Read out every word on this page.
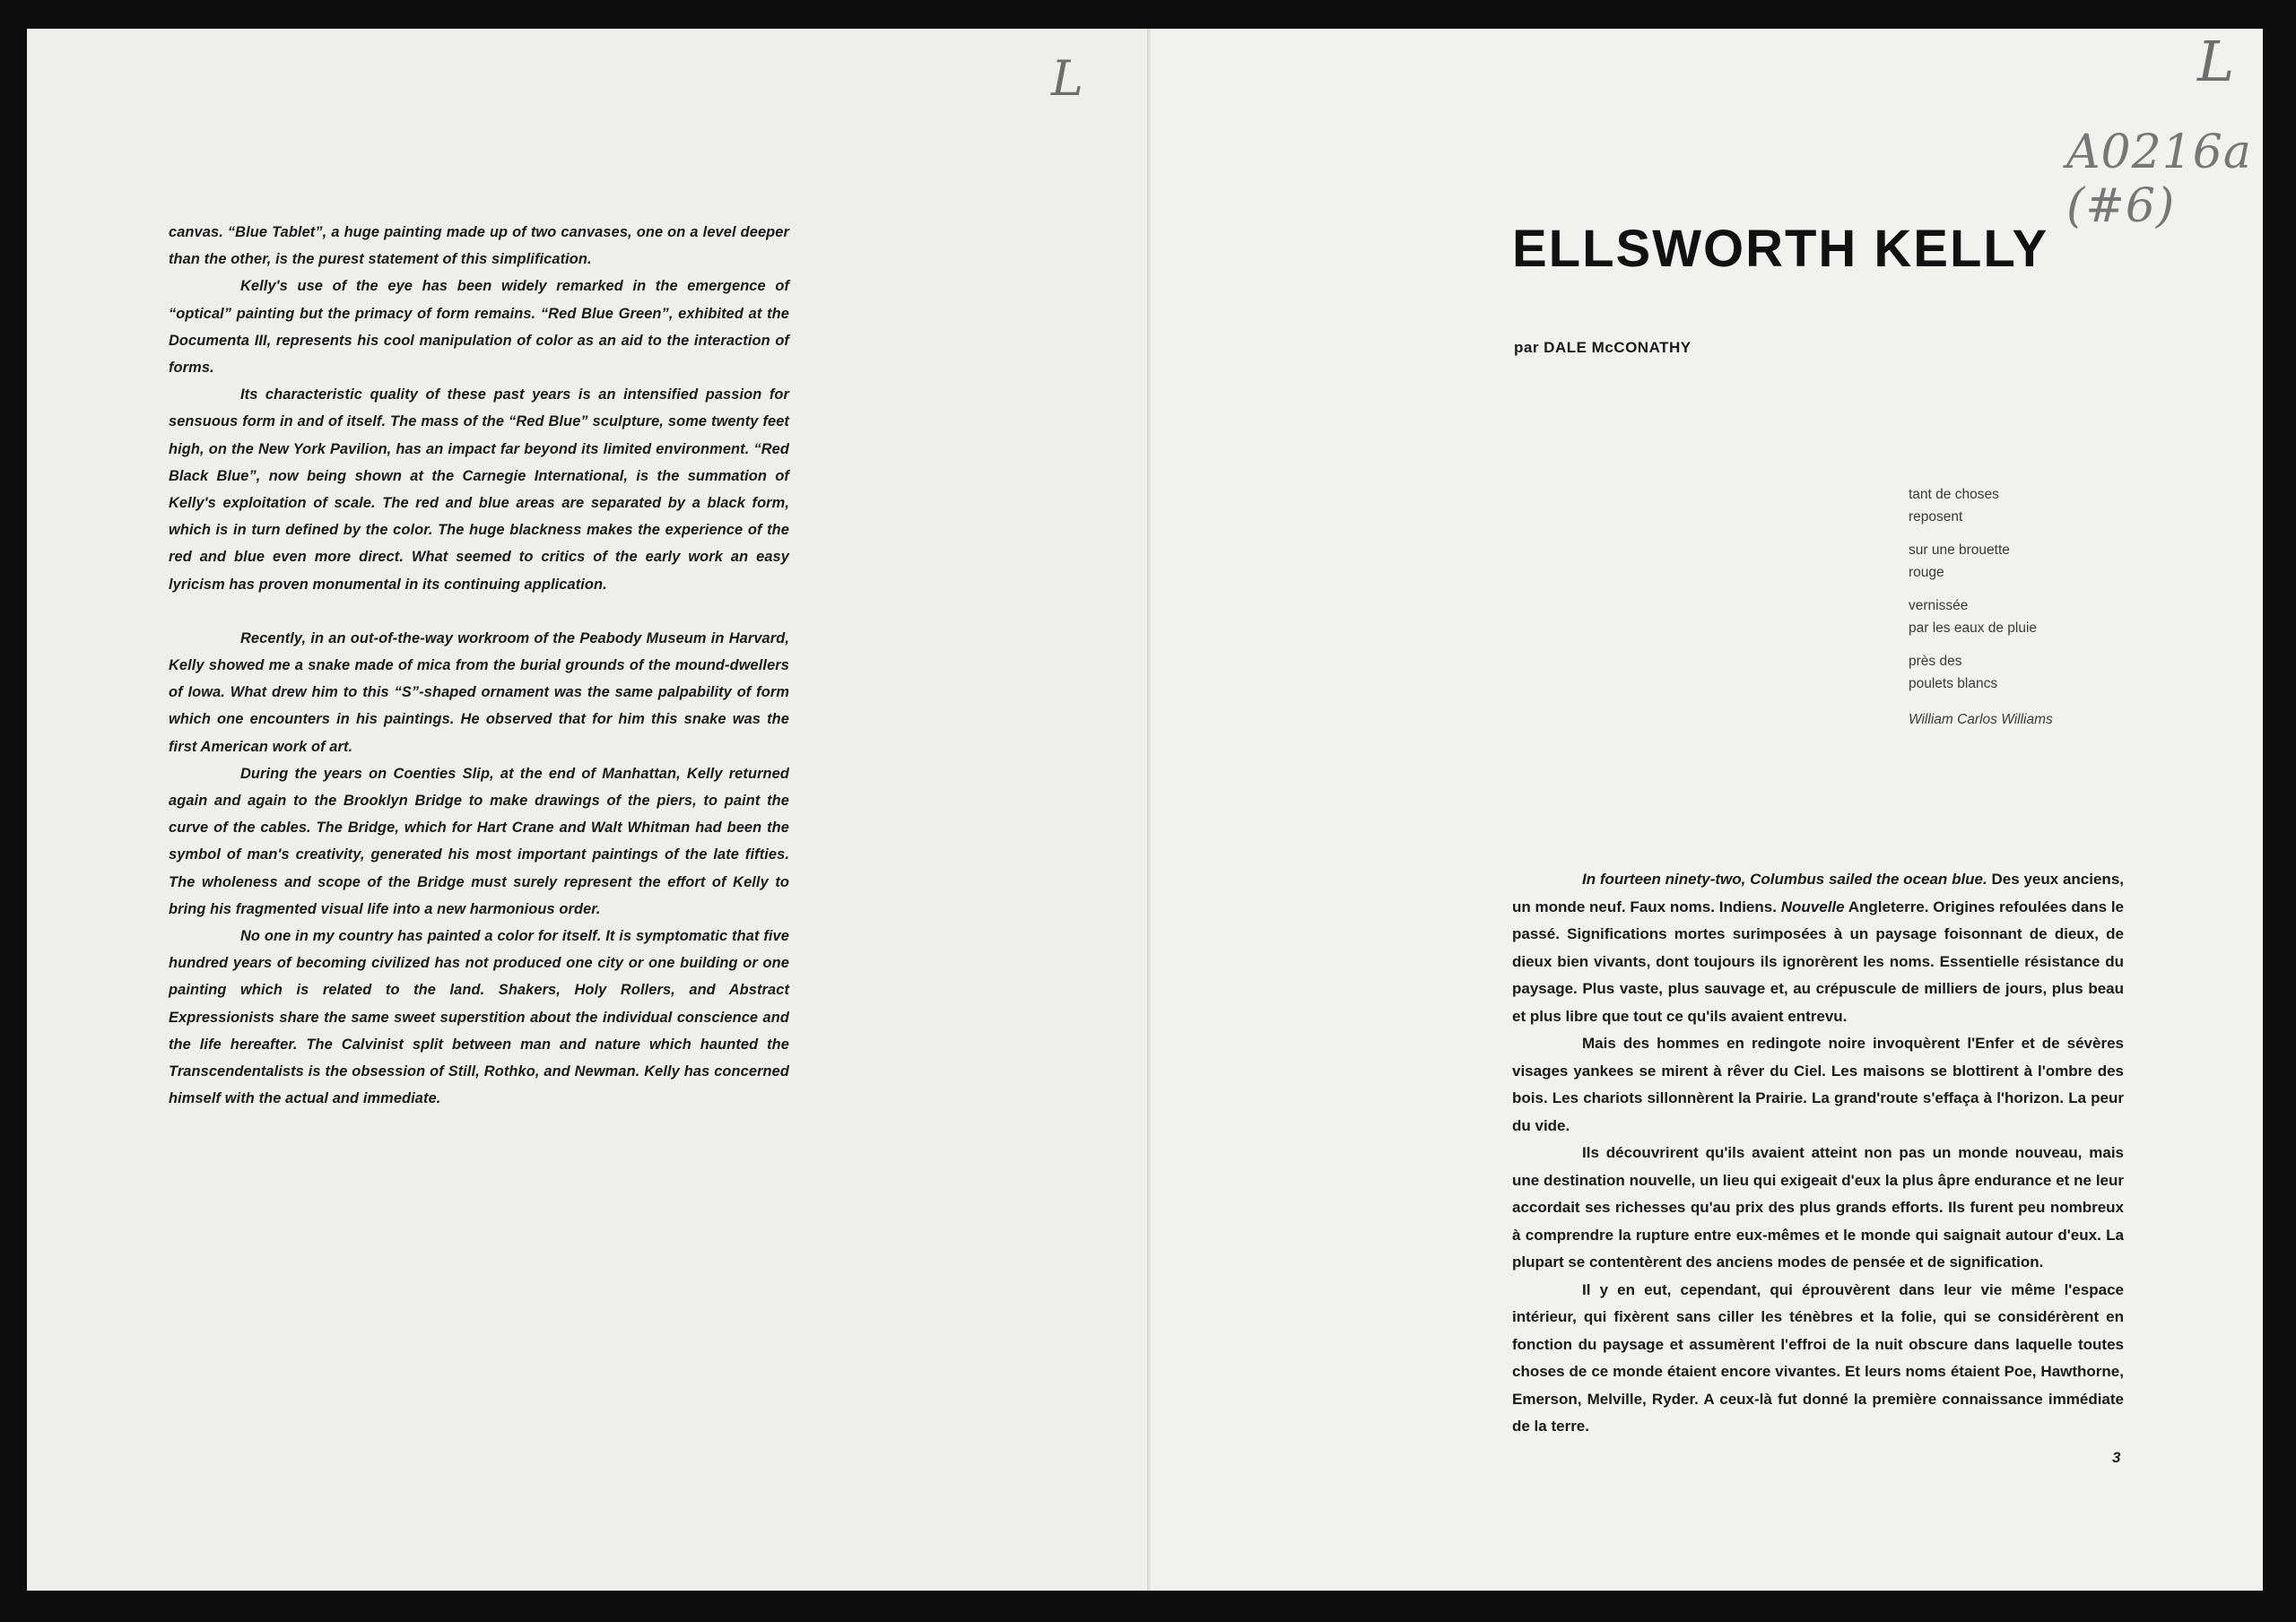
L	L
A0216a (#6)

canvas. “Blue Tablet”, a huge painting made up of two canvases, one on a level deeper than the other, is the purest statement of this simplification.

Kelly's use of the eye has been widely remarked in the emergence of “optical” painting but the primacy of form remains. “Red Blue Green”, exhibited at the Documenta III, represents his cool manipulation of color as an aid to the interaction of forms.

Its characteristic quality of these past years is an intensified passion for sensuous form in and of itself. The mass of the “Red Blue” sculpture, some twenty feet high, on the New York Pavilion, has an impact far beyond its limited environment. “Red Black Blue”, now being shown at the Carnegie International, is the summation of Kelly's exploitation of scale. The red and blue areas are separated by a black form, which is in turn defined by the color. The huge blackness makes the experience of the red and blue even more direct. What seemed to critics of the early work an easy lyricism has proven monumental in its continuing application.

Recently, in an out-of-the-way workroom of the Peabody Museum in Harvard, Kelly showed me a snake made of mica from the burial grounds of the mound-dwellers of Iowa. What drew him to this “S”-shaped ornament was the same palpability of form which one encounters in his paintings. He observed that for him this snake was the first American work of art.

During the years on Coenties Slip, at the end of Manhattan, Kelly returned again and again to the Brooklyn Bridge to make drawings of the piers, to paint the curve of the cables. The Bridge, which for Hart Crane and Walt Whitman had been the symbol of man's creativity, generated his most important paintings of the late fifties. The wholeness and scope of the Bridge must surely represent the effort of Kelly to bring his fragmented visual life into a new harmonious order.

No one in my country has painted a color for itself. It is symptomatic that five hundred years of becoming civilized has not produced one city or one building or one painting which is related to the land. Shakers, Holy Rollers, and Abstract Expressionists share the same sweet superstition about the individual conscience and the life hereafter. The Calvinist split between man and nature which haunted the Transcendentalists is the obsession of Still, Rothko, and Newman. Kelly has concerned himself with the actual and immediate.

ELLSWORTH KELLY
par DALE McCONATHY

tant de choses
reposent

sur une brouette
rouge

vernissée
par les eaux de pluie

près des
poulets blancs

William Carlos Williams

In fourteen ninety-two, Columbus sailed the ocean blue. Des yeux anciens, un monde neuf. Faux noms. Indiens. Nouvelle Angleterre. Origines refoulées dans le passé. Significations mortes surimposées à un paysage foisonnant de dieux, de dieux bien vivants, dont toujours ils ignorèrent les noms. Essentielle résistance du paysage. Plus vaste, plus sauvage et, au crépuscule de milliers de jours, plus beau et plus libre que tout ce qu'ils avaient entrevu.

Mais des hommes en redingote noire invoquèrent l'Enfer et de sévères visages yankees se mirent à rêver du Ciel. Les maisons se blottirent à l'ombre des bois. Les chariots sillonnèrent la Prairie. La grand'route s'effaça à l'horizon. La peur du vide.

Ils découvrirent qu'ils avaient atteint non pas un monde nouveau, mais une destination nouvelle, un lieu qui exigeait d'eux la plus âpre endurance et ne leur accordait ses richesses qu'au prix des plus grands efforts. Ils furent peu nombreux à comprendre la rupture entre eux-mêmes et le monde qui saignait autour d'eux. La plupart se contentèrent des anciens modes de pensée et de signification.

Il y en eut, cependant, qui éprouvèrent dans leur vie même l'espace intérieur, qui fixèrent sans ciller les ténèbres et la folie, qui se considérèrent en fonction du paysage et assumèrent l'effroi de la nuit obscure dans laquelle toutes choses de ce monde étaient encore vivantes. Et leurs noms étaient Poe, Hawthorne, Emerson, Melville, Ryder. A ceux-là fut donné la première connaissance immédiate de la terre.

3
